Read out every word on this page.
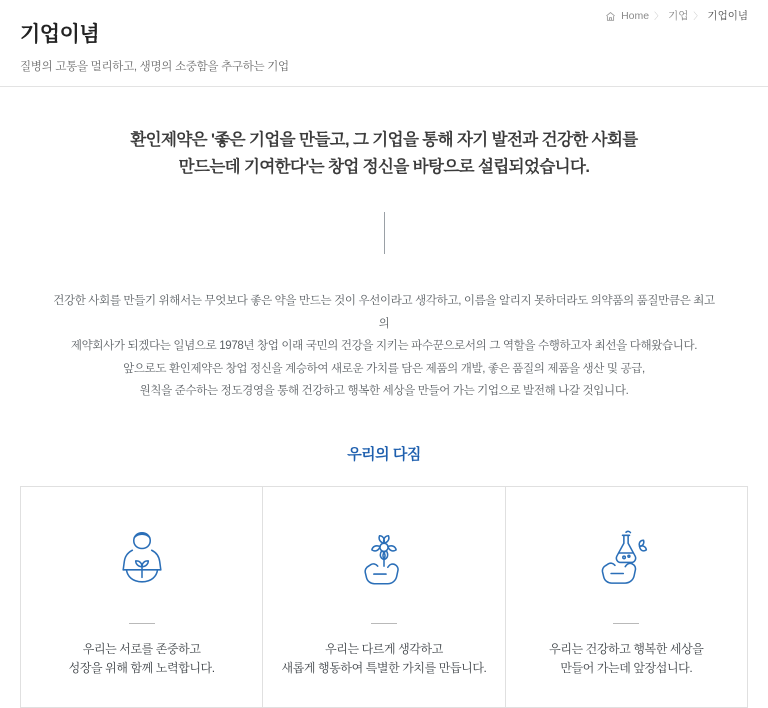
기업이념

질병의 고통을 멀리하고, 생명의 소중함을 추구하는 기업

Home 〉 기업 〉 기업이념

환인제약은 '좋은 기업을 만들고, 그 기업을 통해 자기 발전과 건강한 사회를

만드는데 기여한다'는 창업 정신을 바탕으로 설립되었습니다.

건강한 사회를 만들기 위해서는 무엇보다 좋은 약을 만드는 것이 우선이라고 생각하고, 이름을 알리지 못하더라도 의약품의 품질만큼은 최고의

제약회사가 되겠다는 일념으로 1978년 창업 이래 국민의 건강을 지키는 파수꾼으로서의 그 역할을 수행하고자 최선을 다해왔습니다.

앞으로도 환인제약은 창업 정신을 계승하여 새로운 가치를 담은 제품의 개발, 좋은 품질의 제품을 생산 및 공급,

원칙을 준수하는 정도경영을 통해 건강하고 행복한 세상을 만들어 가는 기업으로 발전해 나갈 것입니다.

우리의 다짐
우리는 서로를 존중하고
성장을 위해 함께 노력합니다.
우리는 다르게 생각하고
새롭게 행동하여 특별한 가치를 만듭니다.
우리는 건강하고 행복한 세상을
만들어 가는데 앞장섭니다.
